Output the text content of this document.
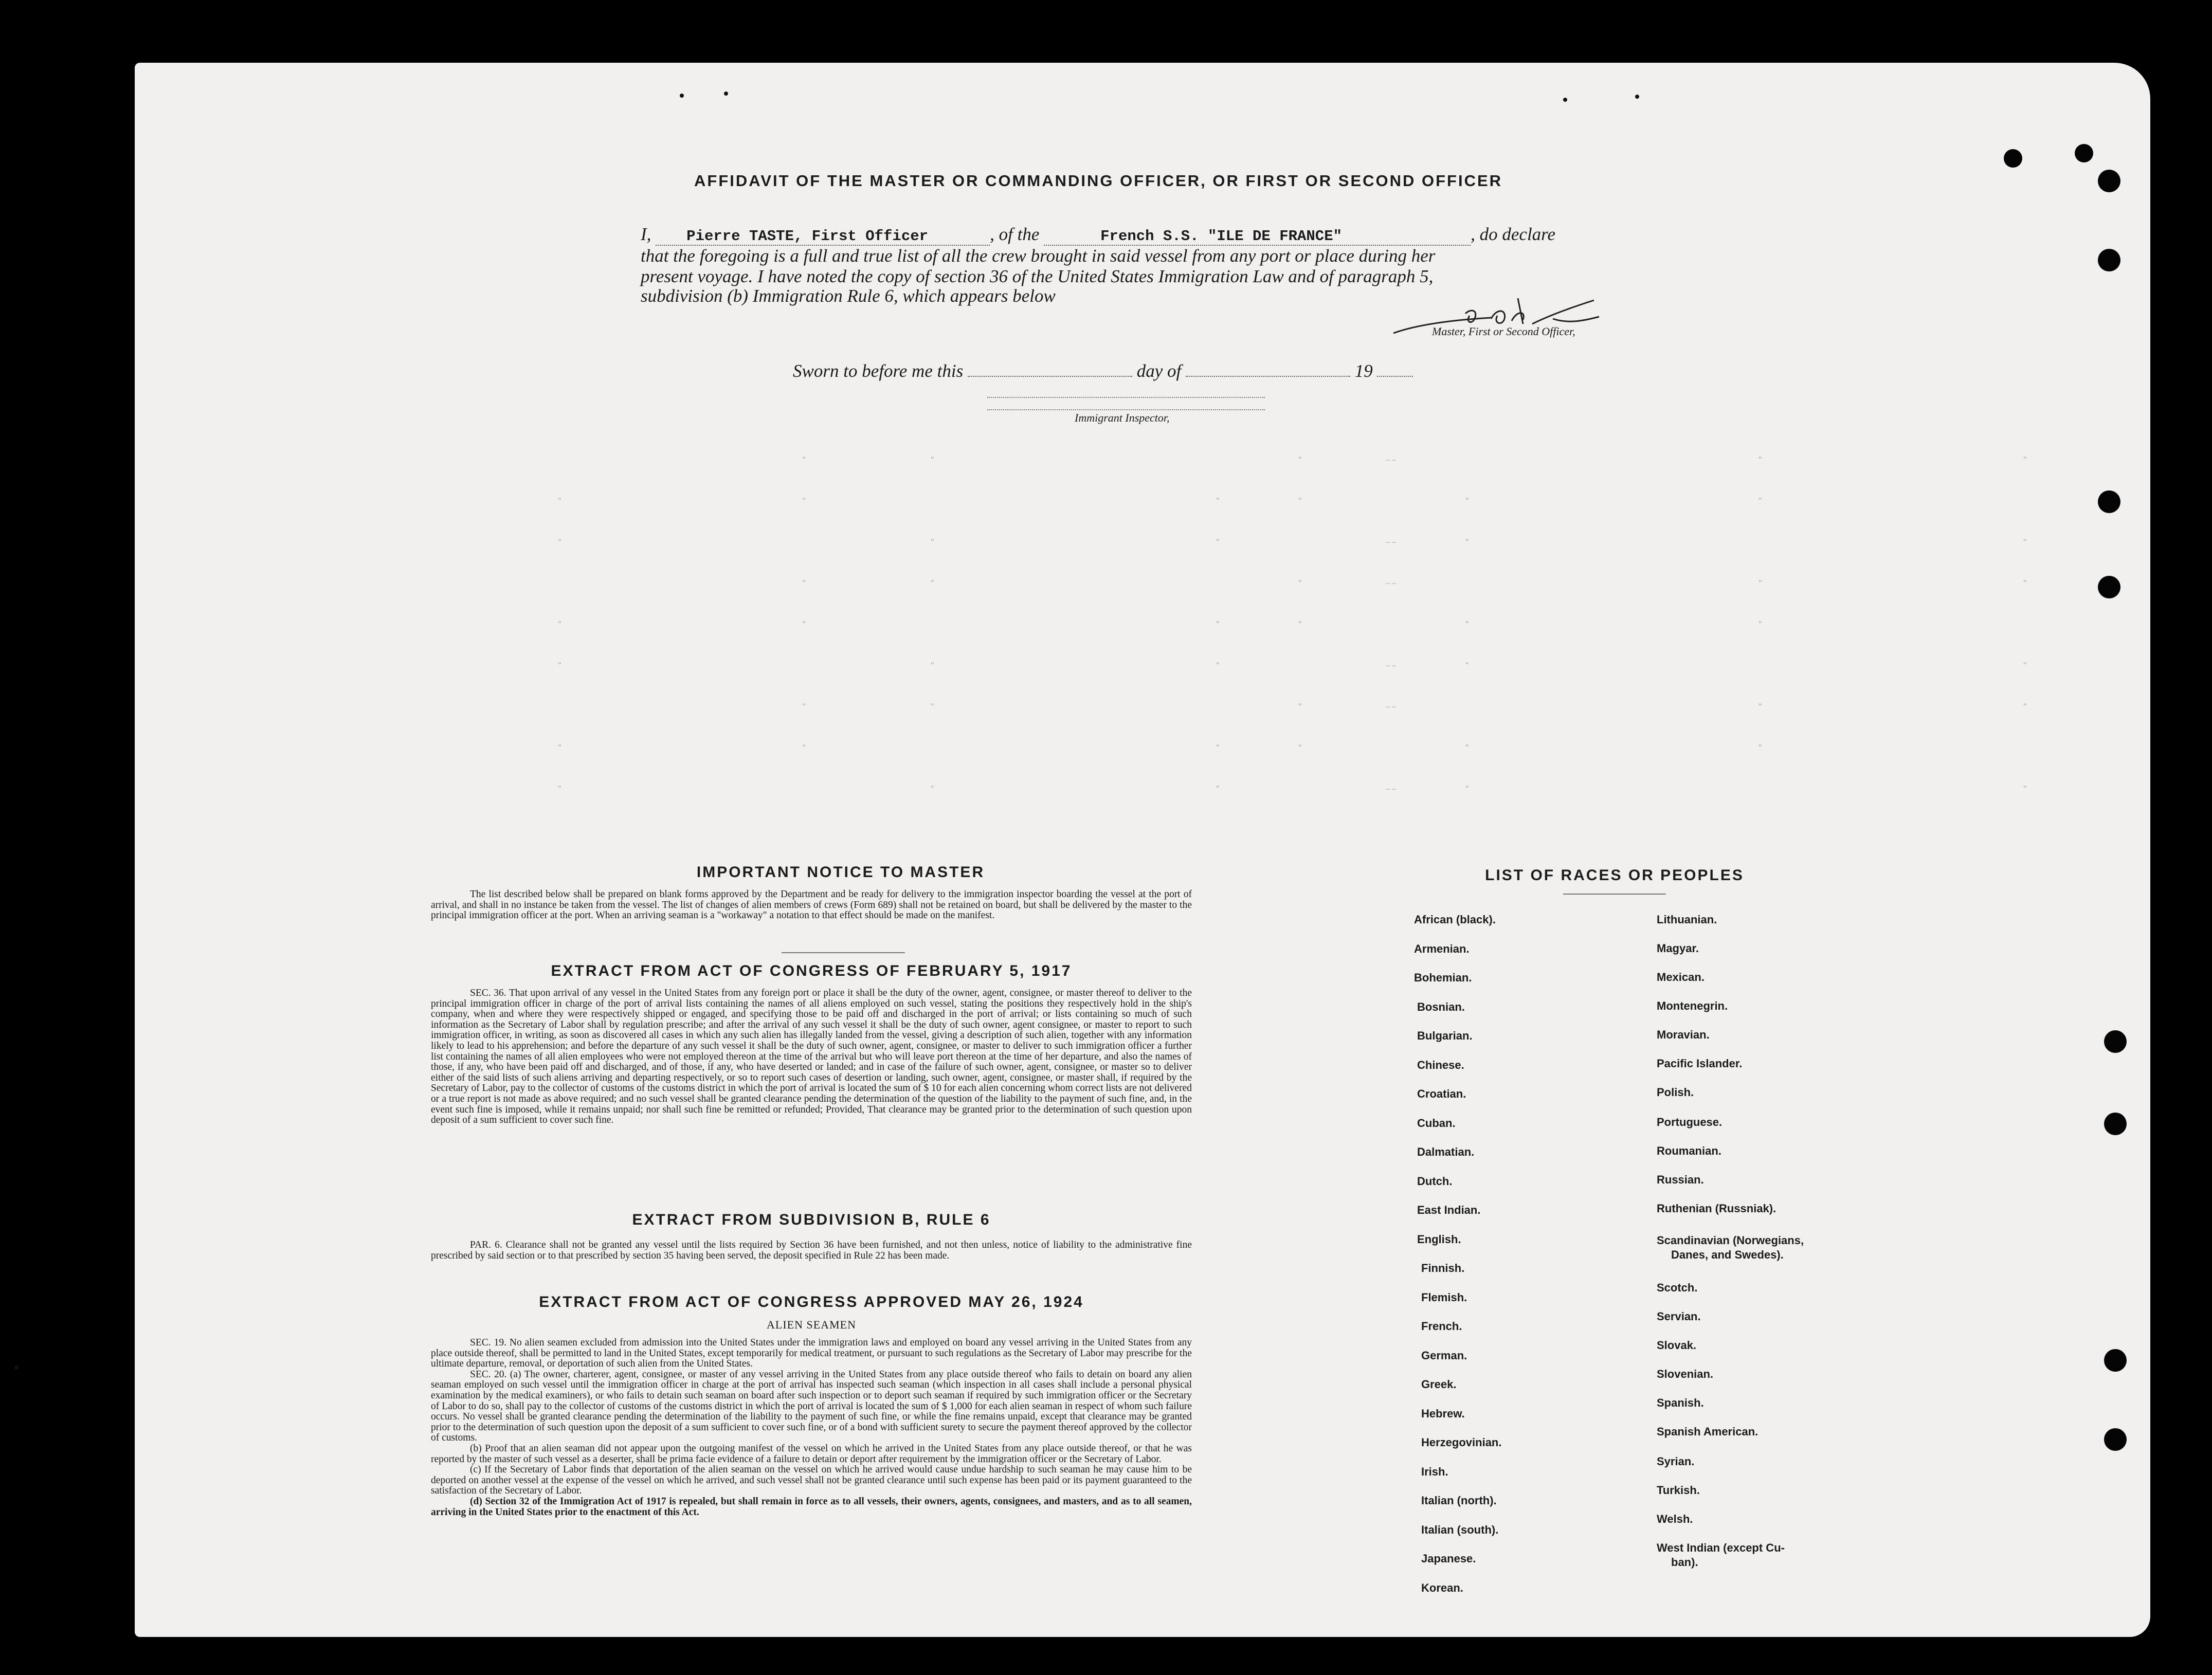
AFFIDAVIT OF THE MASTER OR COMMANDING OFFICER, OR FIRST OR SECOND OFFICER
I, Pierre TASTE, First Officer	, of the	French S.S. "ILE DE FRANCE"	, do declare
that the foregoing is a full and true list of all the crew brought in said vessel from any port or place during her
present voyage. I have noted the copy of section 36 of the United States Immigration Law and of paragraph 5,
subdivision (b) Immigration Rule 6, which appears below
Master, First or Second Officer,
Sworn to before me this	day of	19
Immigrant Inspector,
"	"	"	– –	"	"
"	"	"	"	"	"
"	"	"	– –	"	"
"	"	"	– –	"	"
"	"	"	"	"	"
"	"	"	– –	"	"
"	"	"	– –	"	"
"	"	"	"	"	"
"	"	"	– –	"	"
IMPORTANT NOTICE TO MASTER

The list described below shall be prepared on blank forms approved by the Department and be ready for delivery to the immigration inspector boarding the vessel at the port of arrival, and shall in no instance be taken from the vessel. The list of changes of alien members of crews (Form 689) shall not be retained on board, but shall be delivered by the master to the principal immigration officer at the port. When an arriving seaman is a "workaway" a notation to that effect should be made on the manifest.

EXTRACT FROM ACT OF CONGRESS OF FEBRUARY 5, 1917

SEC. 36. That upon arrival of any vessel in the United States from any foreign port or place it shall be the duty of the owner, agent, consignee, or master thereof to deliver to the principal immigration officer in charge of the port of arrival lists containing the names of all aliens employed on such vessel, stating the positions they respectively hold in the ship's company, when and where they were respectively shipped or engaged, and specifying those to be paid off and discharged in the port of arrival; or lists containing so much of such information as the Secretary of Labor shall by regulation prescribe; and after the arrival of any such vessel it shall be the duty of such owner, agent consignee, or master to report to such immigration officer, in writing, as soon as discovered all cases in which any such alien has illegally landed from the vessel, giving a description of such alien, together with any information likely to lead to his apprehension; and before the departure of any such vessel it shall be the duty of such owner, agent, consignee, or master to deliver to such immigration officer a further list containing the names of all alien employees who were not employed thereon at the time of the arrival but who will leave port thereon at the time of her departure, and also the names of those, if any, who have been paid off and discharged, and of those, if any, who have deserted or landed; and in case of the failure of such owner, agent, consignee, or master so to deliver either of the said lists of such aliens arriving and departing respectively, or so to report such cases of desertion or landing, such owner, agent, consignee, or master shall, if required by the Secretary of Labor, pay to the collector of customs of the customs district in which the port of arrival is located the sum of $ 10 for each alien concerning whom correct lists are not delivered or a true report is not made as above required; and no such vessel shall be granted clearance pending the determination of the question of the liability to the payment of such fine, and, in the event such fine is imposed, while it remains unpaid; nor shall such fine be remitted or refunded; Provided, That clearance may be granted prior to the determination of such question upon deposit of a sum sufficient to cover such fine.

EXTRACT FROM SUBDIVISION B, RULE 6

PAR. 6. Clearance shall not be granted any vessel until the lists required by Section 36 have been furnished, and not then unless, notice of liability to the administrative fine prescribed by said section or to that prescribed by section 35 having been served, the deposit specified in Rule 22 has been made.

EXTRACT FROM ACT OF CONGRESS APPROVED MAY 26, 1924
ALIEN SEAMEN

SEC. 19. No alien seamen excluded from admission into the United States under the immigration laws and employed on board any vessel arriving in the United States from any place outside thereof, shall be permitted to land in the United States, except temporarily for medical treatment, or pursuant to such regulations as the Secretary of Labor may prescribe for the ultimate departure, removal, or deportation of such alien from the United States.

SEC. 20. (a) The owner, charterer, agent, consignee, or master of any vessel arriving in the United States from any place outside thereof who fails to detain on board any alien seaman employed on such vessel until the immigration officer in charge at the port of arrival has inspected such seaman (which inspection in all cases shall include a personal physical examination by the medical examiners), or who fails to detain such seaman on board after such inspection or to deport such seaman if required by such immigration officer or the Secretary of Labor to do so, shall pay to the collector of customs of the customs district in which the port of arrival is located the sum of $ 1,000 for each alien seaman in respect of whom such failure occurs. No vessel shall be granted clearance pending the determination of the liability to the payment of such fine, or while the fine remains unpaid, except that clearance may be granted prior to the determination of such question upon the deposit of a sum sufficient to cover such fine, or of a bond with sufficient surety to secure the payment thereof approved by the collector of customs.

(b) Proof that an alien seaman did not appear upon the outgoing manifest of the vessel on which he arrived in the United States from any place outside thereof, or that he was reported by the master of such vessel as a deserter, shall be prima facie evidence of a failure to detain or deport after requirement by the immigration officer or the Secretary of Labor.

(c) If the Secretary of Labor finds that deportation of the alien seaman on the vessel on which he arrived would cause undue hardship to such seaman he may cause him to be deported on another vessel at the expense of the vessel on which he arrived, and such vessel shall not be granted clearance until such expense has been paid or its payment guaranteed to the satisfaction of the Secretary of Labor.

(d) Section 32 of the Immigration Act of 1917 is repealed, but shall remain in force as to all vessels, their owners, agents, consignees, and masters, and as to all seamen, arriving in the United States prior to the enactment of this Act.

LIST OF RACES OR PEOPLES
African (black).
Armenian.
Bohemian.
Bosnian.
Bulgarian.
Chinese.
Croatian.
Cuban.
Dalmatian.
Dutch.
East Indian.
English.
Finnish.
Flemish.
French.
German.
Greek.
Hebrew.
Herzegovinian.
Irish.
Italian (north).
Italian (south).
Japanese.
Korean.
Lithuanian.
Magyar.
Mexican.
Montenegrin.
Moravian.
Pacific Islander.
Polish.
Portuguese.
Roumanian.
Russian.
Ruthenian (Russniak).
Scandinavian (Norwegians,
Danes, and Swedes).
Scotch.
Servian.
Slovak.
Slovenian.
Spanish.
Spanish American.
Syrian.
Turkish.
Welsh.
West Indian (except Cu-
ban).
